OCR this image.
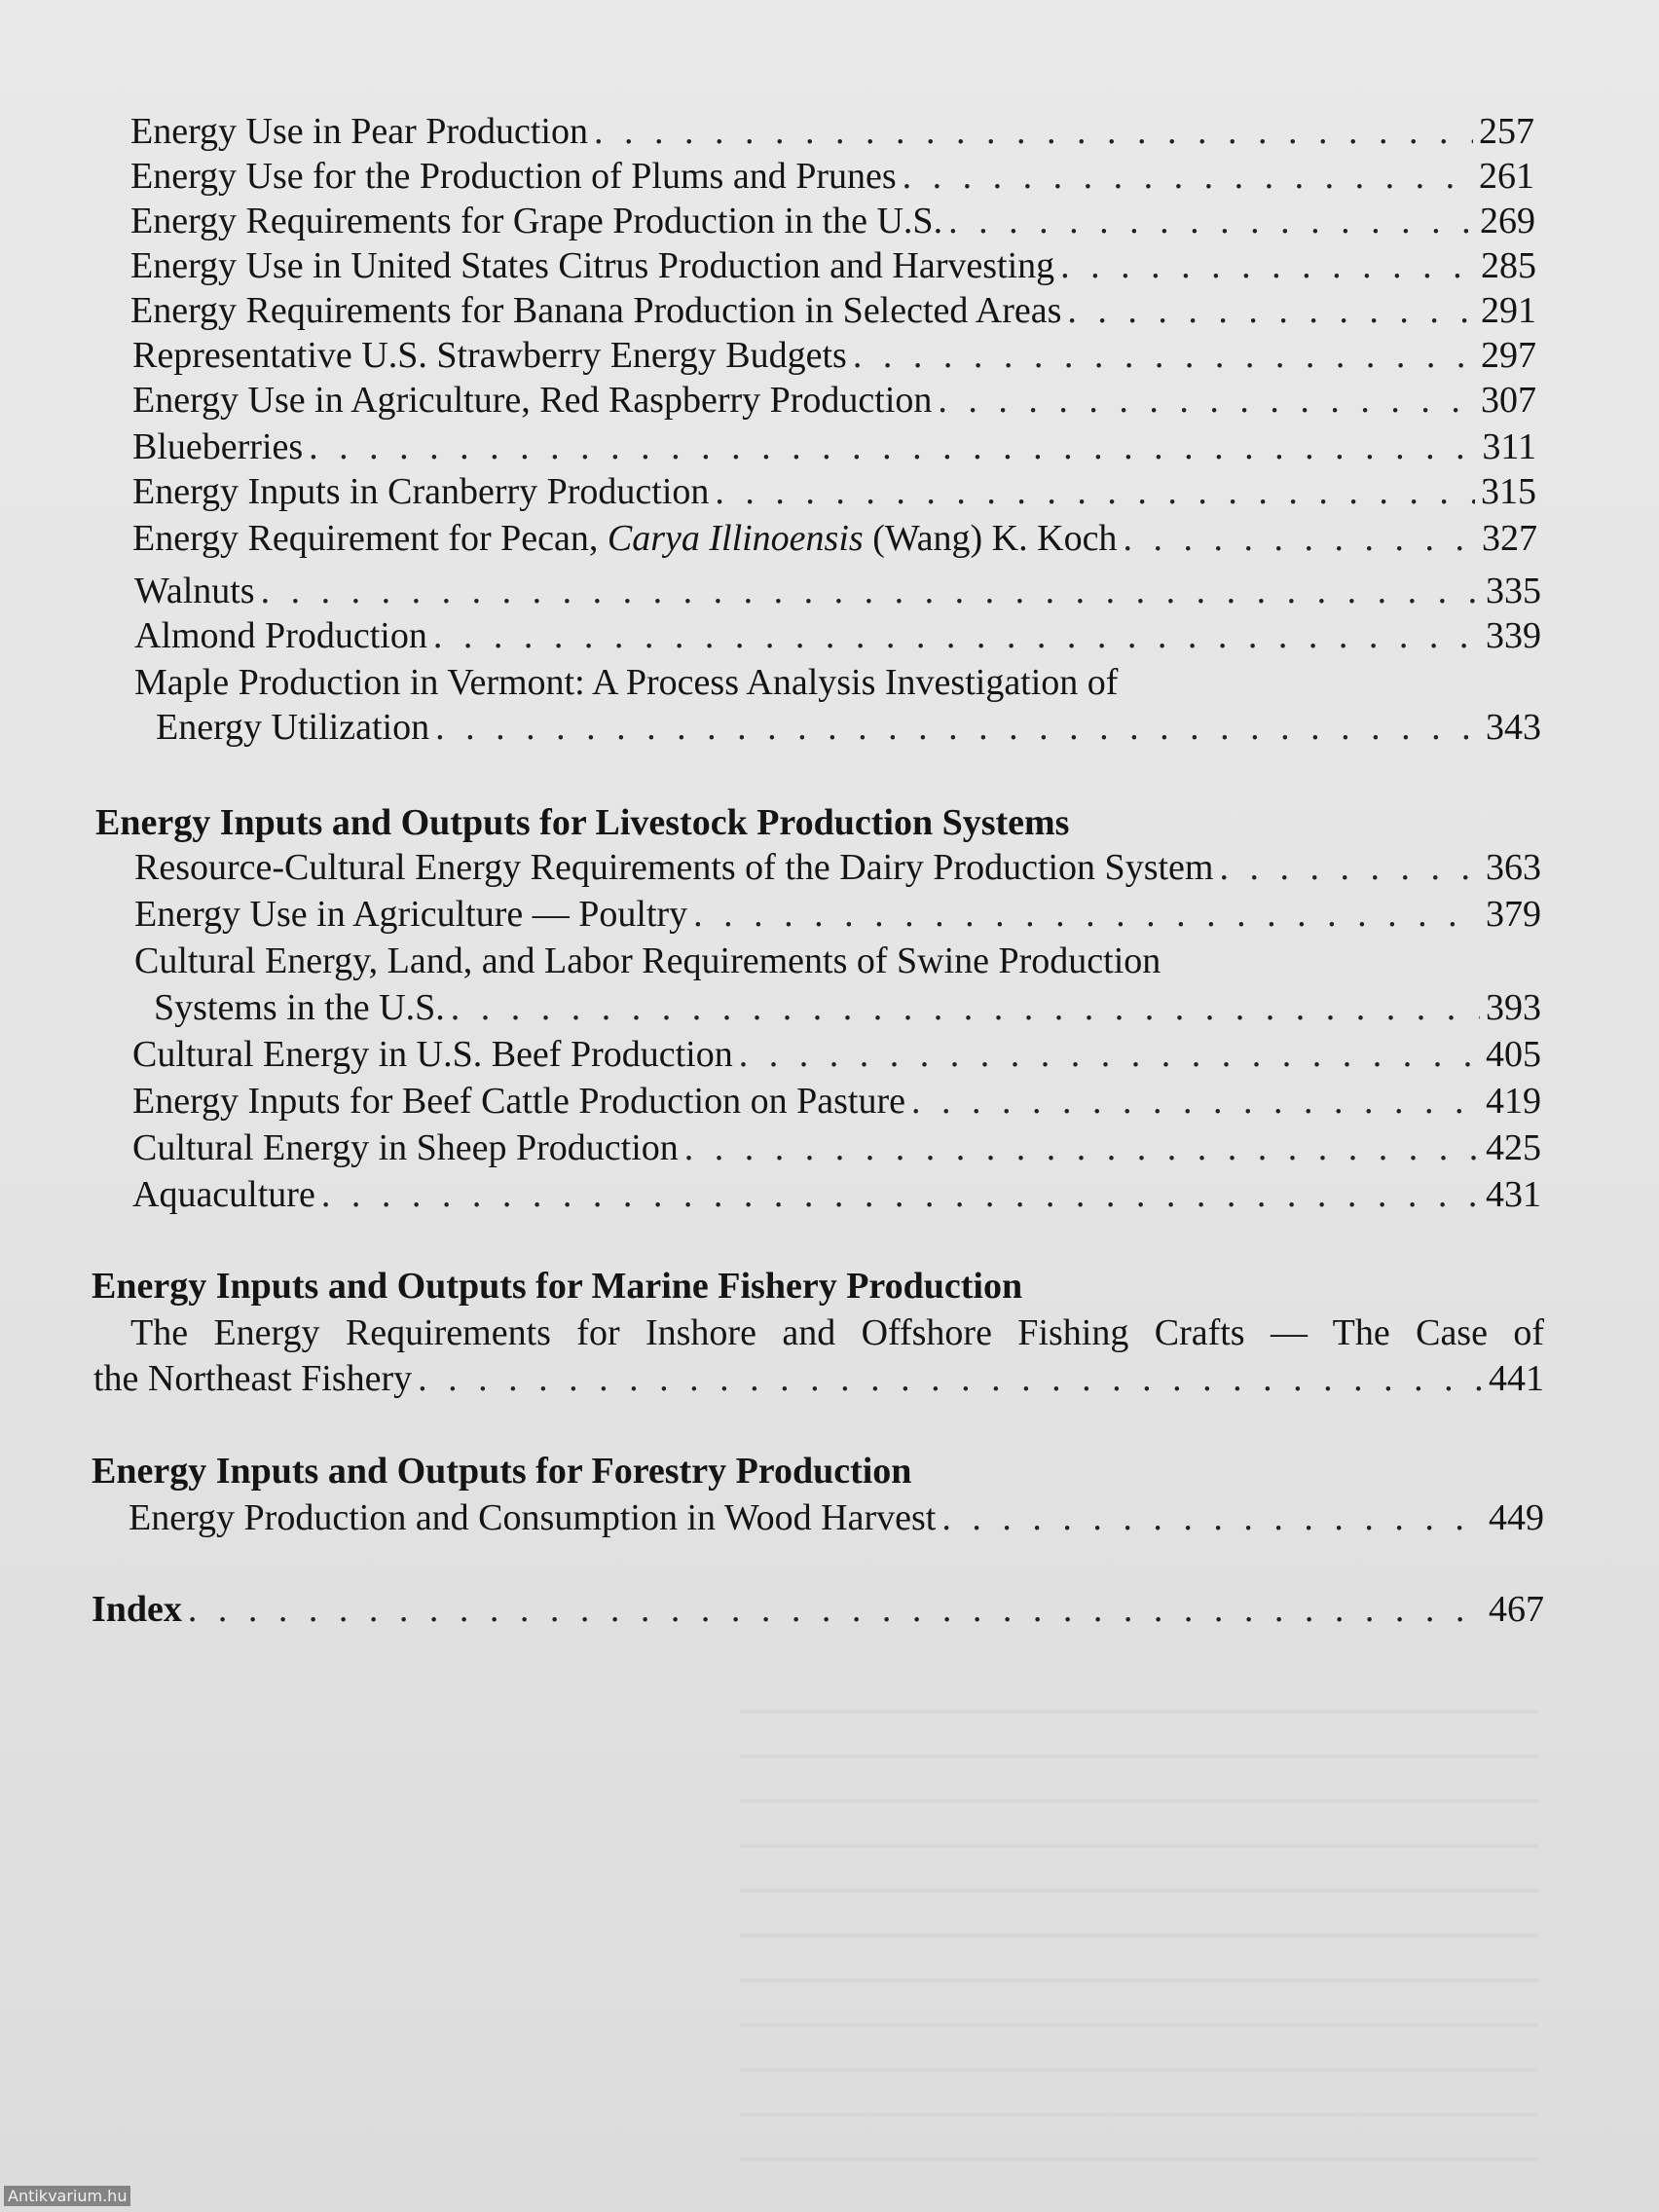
Energy Use in Pear Production . . .	257
Energy Use for the Production of Plums and Prunes . . .	261
Energy Requirements for Grape Production in the U.S. . . .	269
Energy Use in United States Citrus Production and Harvesting . . .	285
Energy Requirements for Banana Production in Selected Areas . . .	291
Representative U.S. Strawberry Energy Budgets . . .	297
Energy Use in Agriculture, Red Raspberry Production . . .	307
Blueberries . . .	311
Energy Inputs in Cranberry Production . . .	315
Energy Requirement for Pecan, Carya Illinoensis (Wang) K. Koch . . .	327
Walnuts . . .	335
Almond Production . . .	339
Maple Production in Vermont: A Process Analysis Investigation of
Energy Utilization . . .	343
Energy Inputs and Outputs for Livestock Production Systems
Resource-Cultural Energy Requirements of the Dairy Production System . . .	363
Energy Use in Agriculture — Poultry . . .	379
Cultural Energy, Land, and Labor Requirements of Swine Production
Systems in the U.S. . . .	393
Cultural Energy in U.S. Beef Production . . .	405
Energy Inputs for Beef Cattle Production on Pasture . . .	419
Cultural Energy in Sheep Production . . .	425
Aquaculture . . .	431
Energy Inputs and Outputs for Marine Fishery Production
The Energy Requirements for Inshore and Offshore Fishing Crafts — The Case of
the Northeast Fishery . . .	441
Energy Inputs and Outputs for Forestry Production
Energy Production and Consumption in Wood Harvest . . .	449
Index . . .	467
Antikvarium.hu
